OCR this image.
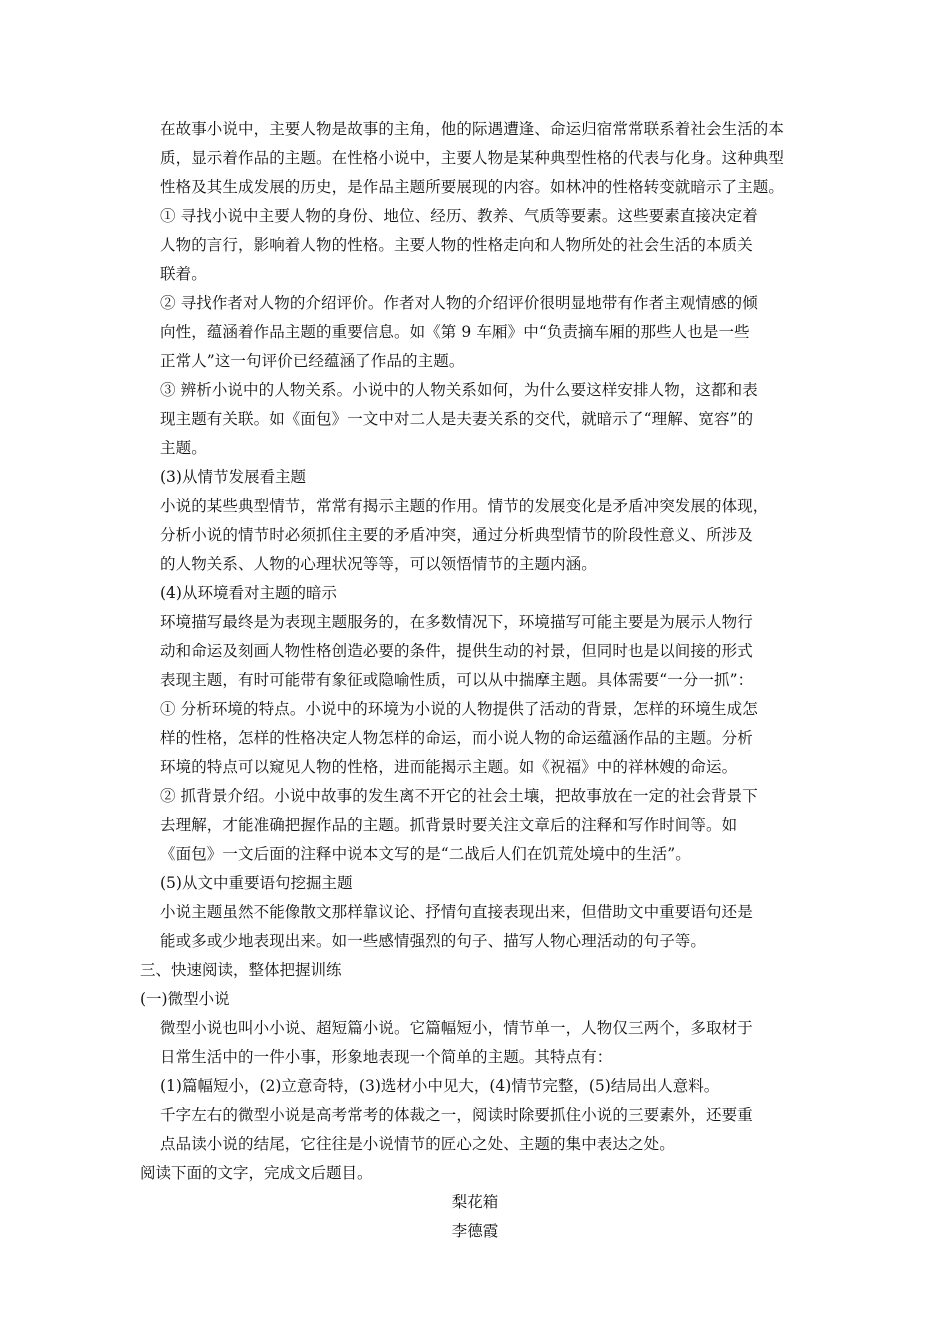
在故事小说中，主要人物是故事的主角，他的际遇遭逢、命运归宿常常联系着社会生活的本
质，显示着作品的主题。在性格小说中，主要人物是某种典型性格的代表与化身。这种典型
性格及其生成发展的历史，是作品主题所要展现的内容。如林冲的性格转变就暗示了主题。
① 寻找小说中主要人物的身份、地位、经历、教养、气质等要素。这些要素直接决定着
人物的言行，影响着人物的性格。主要人物的性格走向和人物所处的社会生活的本质关
联着。
② 寻找作者对人物的介绍评价。作者对人物的介绍评价很明显地带有作者主观情感的倾
向性，蕴涵着作品主题的重要信息。如《第 9 车厢》中“负责摘车厢的那些人也是一些
正常人”这一句评价已经蕴涵了作品的主题。
③ 辨析小说中的人物关系。小说中的人物关系如何，为什么要这样安排人物，这都和表
现主题有关联。如《面包》一文中对二人是夫妻关系的交代，就暗示了“理解、宽容”的
主题。

(3)从情节发展看主题

小说的某些典型情节，常常有揭示主题的作用。情节的发展变化是矛盾冲突发展的体现，
分析小说的情节时必须抓住主要的矛盾冲突，通过分析典型情节的阶段性意义、所涉及
的人物关系、人物的心理状况等等，可以领悟情节的主题内涵。

(4)从环境看对主题的暗示

环境描写最终是为表现主题服务的，在多数情况下，环境描写可能主要是为展示人物行
动和命运及刻画人物性格创造必要的条件，提供生动的衬景，但同时也是以间接的形式
表现主题，有时可能带有象征或隐喻性质，可以从中揣摩主题。具体需要“一分一抓”：
① 分析环境的特点。小说中的环境为小说的人物提供了活动的背景，怎样的环境生成怎
样的性格，怎样的性格决定人物怎样的命运，而小说人物的命运蕴涵作品的主题。分析
环境的特点可以窥见人物的性格，进而能揭示主题。如《祝福》中的祥林嫂的命运。
② 抓背景介绍。小说中故事的发生离不开它的社会土壤，把故事放在一定的社会背景下
去理解，才能准确把握作品的主题。抓背景时要关注文章后的注释和写作时间等。如
《面包》一文后面的注释中说本文写的是“二战后人们在饥荒处境中的生活”。

(5)从文中重要语句挖掘主题

小说主题虽然不能像散文那样靠议论、抒情句直接表现出来，但借助文中重要语句还是
能或多或少地表现出来。如一些感情强烈的句子、描写人物心理活动的句子等。

三、快速阅读，整体把握训练

(一)微型小说

微型小说也叫小小说、超短篇小说。它篇幅短小，情节单一，人物仅三两个，多取材于
日常生活中的一件小事，形象地表现一个简单的主题。其特点有：

(1)篇幅短小，(2)立意奇特，(3)选材小中见大，(4)情节完整，(5)结局出人意料。

千字左右的微型小说是高考常考的体裁之一，阅读时除要抓住小说的三要素外，还要重
点品读小说的结尾，它往往是小说情节的匠心之处、主题的集中表达之处。

阅读下面的文字，完成文后题目。

梨花箱

李德霞
